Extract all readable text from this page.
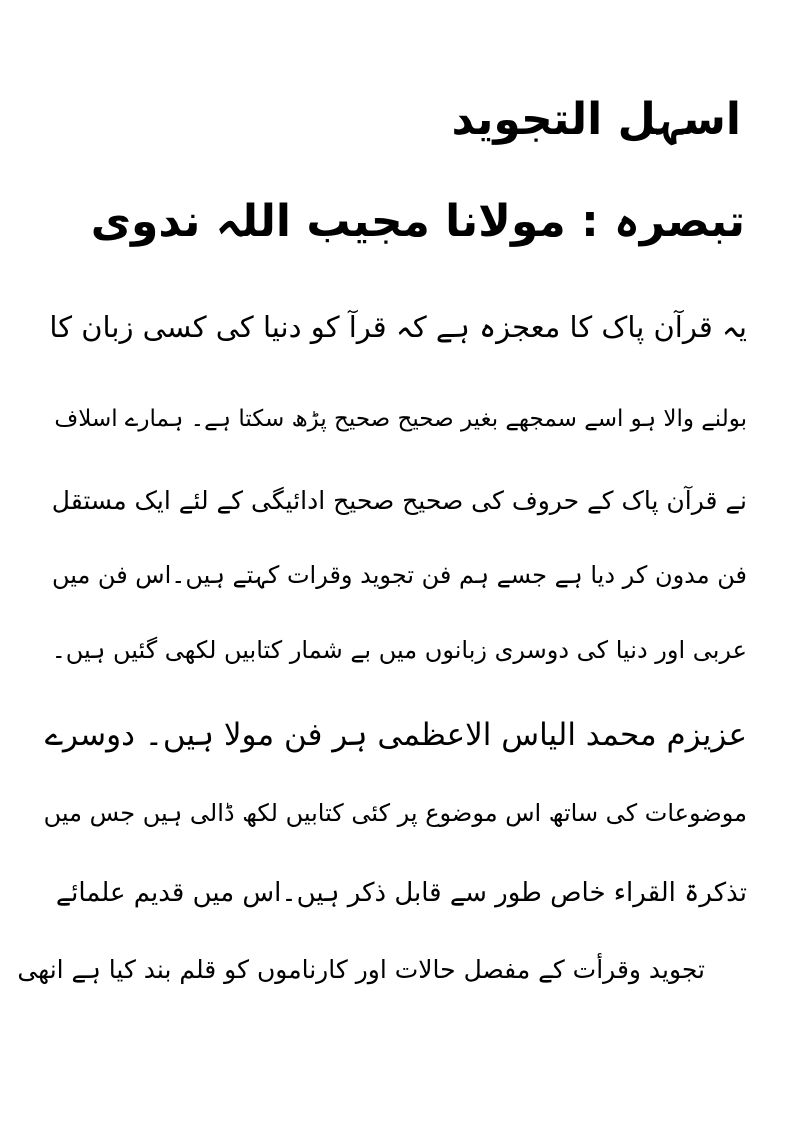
اسہل التجوید
تبصرہ : مولانا مجیب اللہ ندوی
یہ قرآن پاک کا معجزہ ہے کہ قرآ کو دنیا کی کسی زبان کا
بولنے والا ہو اسے سمجھے بغیر صحیح صحیح پڑھ سکتا ہے۔ ہمارے اسلاف
نے قرآن پاک کے حروف کی صحیح صحیح ادائیگی کے لئے ایک مستقل
فن مدون کر دیا ہے جسے ہم فن تجوید وقرات کہتے ہیں۔اس فن میں
عربی اور دنیا کی دوسری زبانوں میں بے شمار کتابیں لکھی گئیں ہیں۔
عزیزم محمد الیاس الاعظمی ہر فن مولا ہیں۔ دوسرے
موضوعات کی ساتھ اس موضوع پر کئی کتابیں لکھ ڈالی ہیں جس میں
تذکرۃ القراء خاص طور سے قابل ذکر ہیں۔اس میں قدیم علمائے
تجوید وقرأت کے مفصل حالات اور کارناموں کو قلم بند کیا ہے انھی
